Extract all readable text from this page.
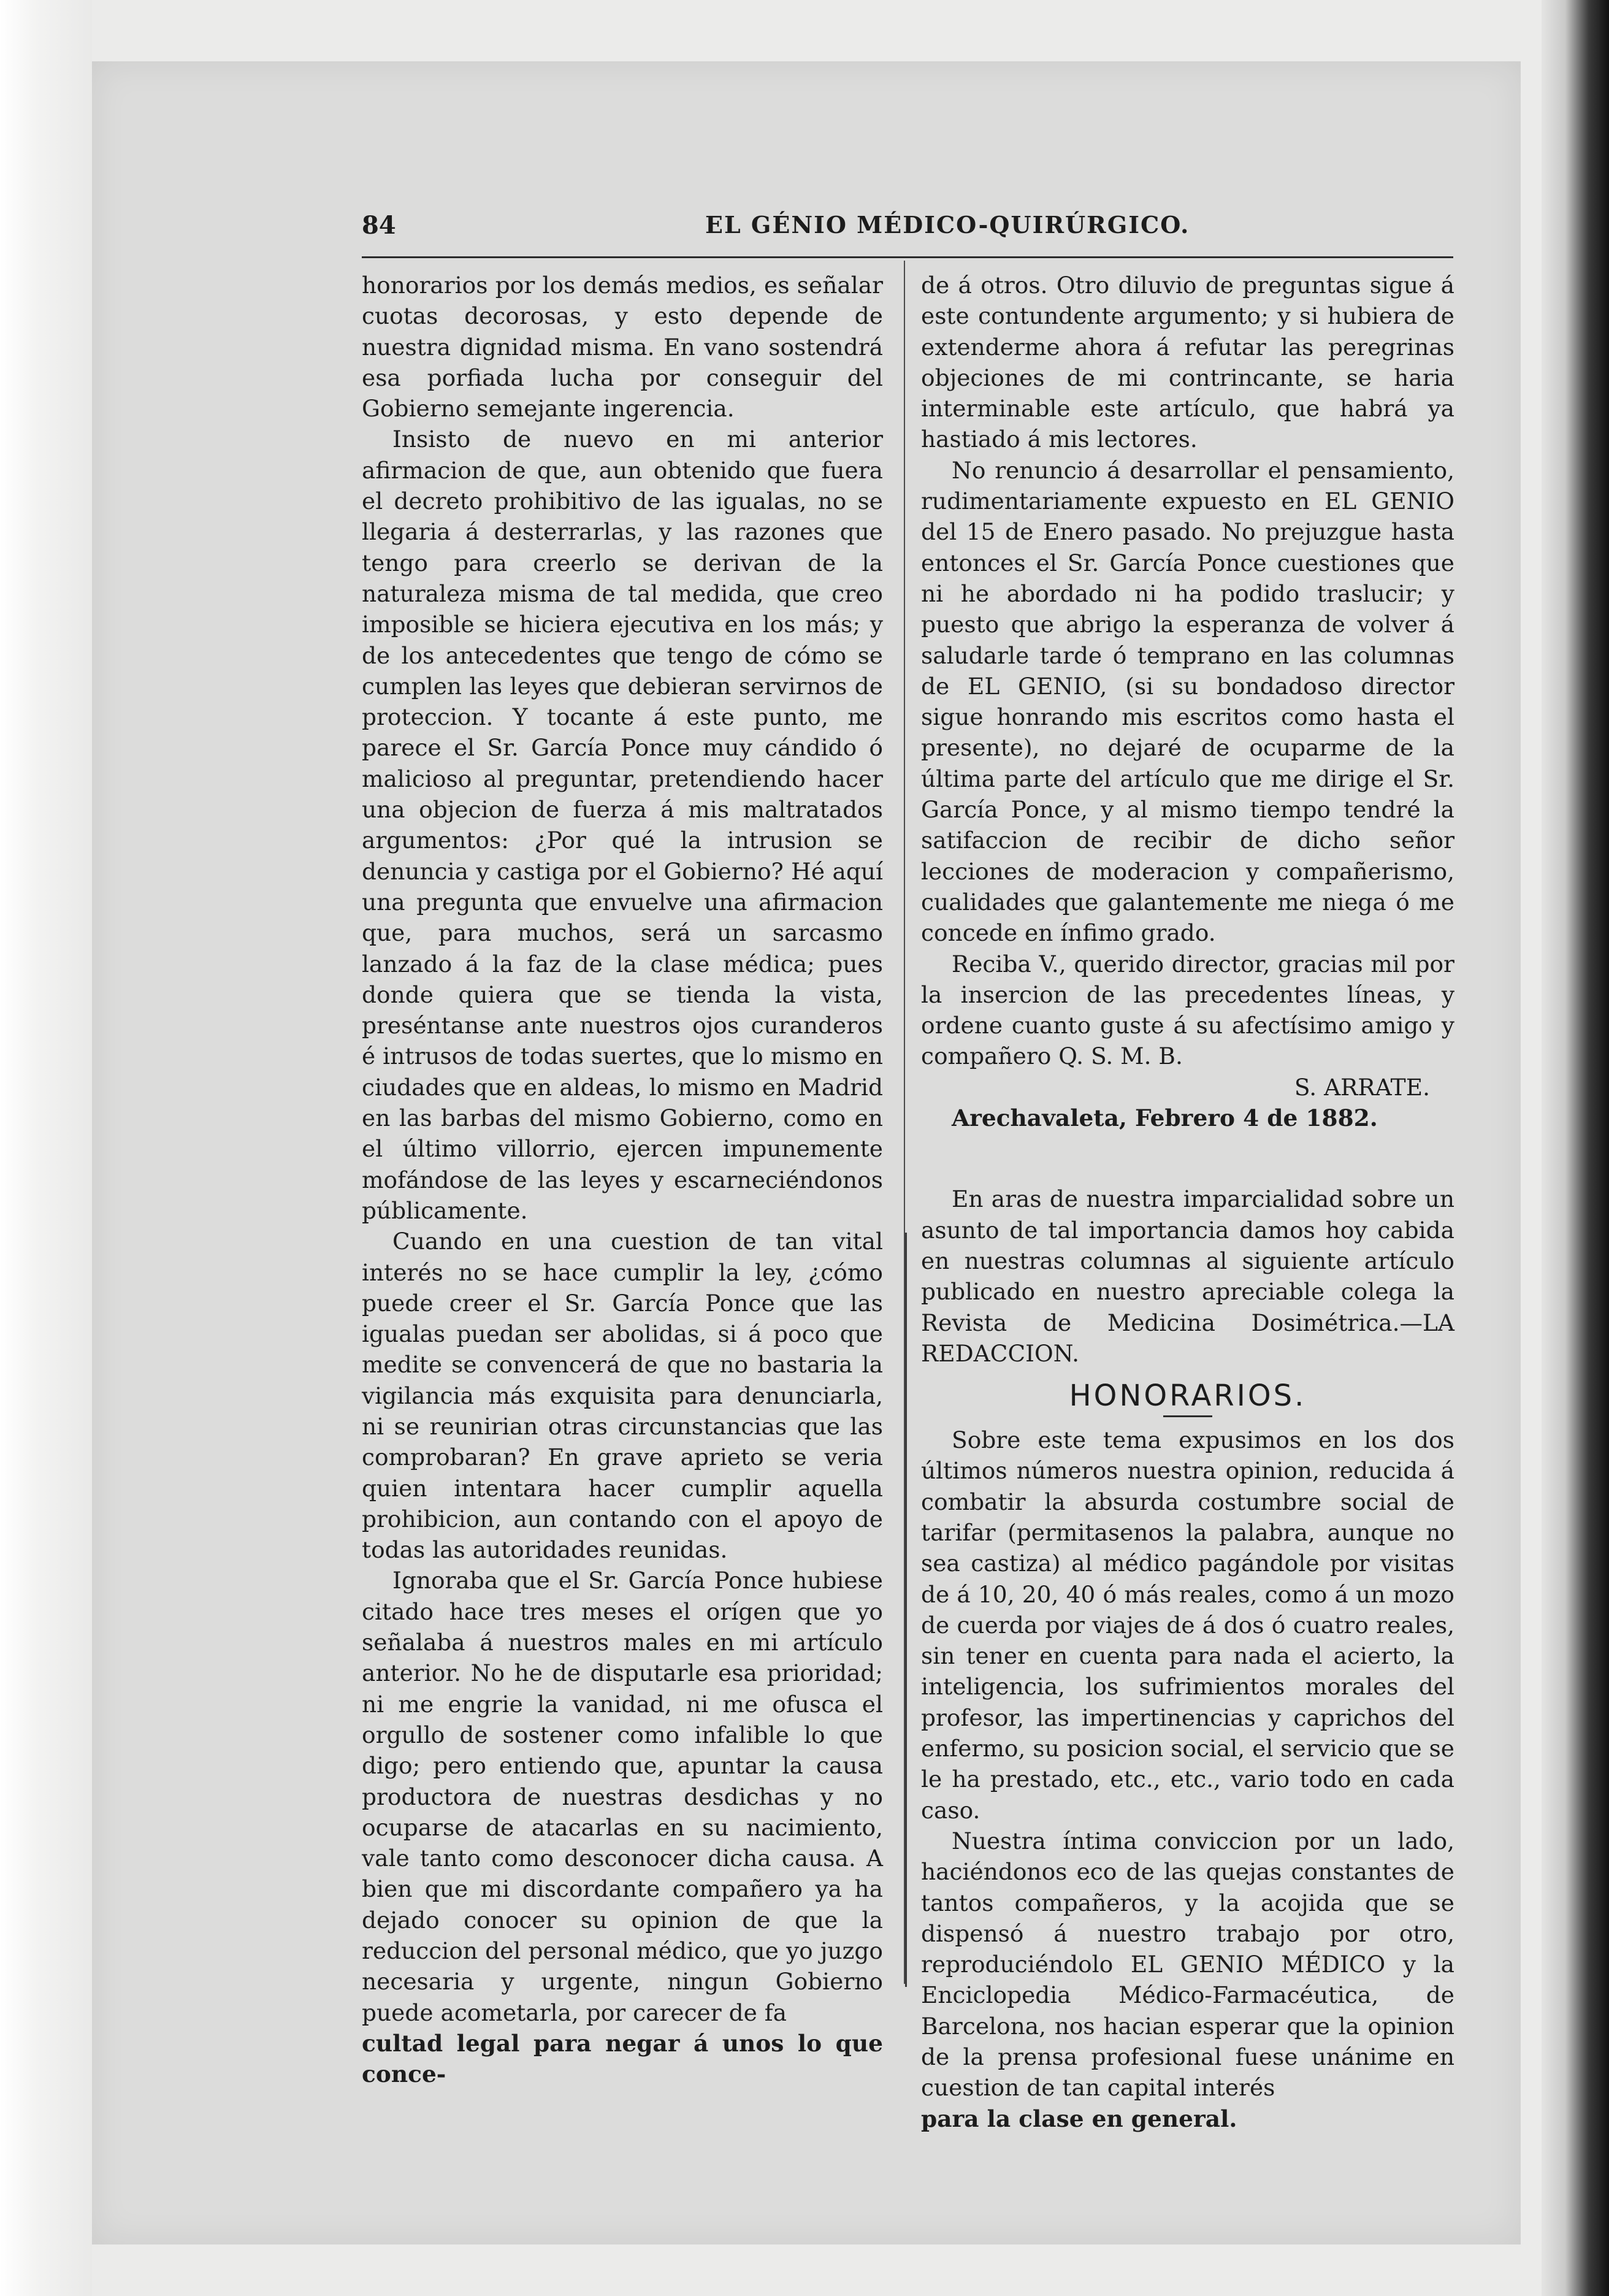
84	EL GÉNIO MÉDICO-QUIRÚRGICO.

honorarios por los demás medios, es señalar cuotas decorosas, y esto depende de nuestra dignidad misma. En vano sostendrá esa porfiada lucha por conseguir del Gobierno semejante ingerencia.

Insisto de nuevo en mi anterior afirmacion de que, aun obtenido que fuera el decreto prohibitivo de las igualas, no se llegaria á desterrarlas, y las razones que tengo para creerlo se derivan de la naturaleza misma de tal medida, que creo imposible se hiciera ejecutiva en los más; y de los antecedentes que tengo de cómo se cumplen las leyes que debieran servirnos de proteccion. Y tocante á este punto, me parece el Sr. García Ponce muy cándido ó malicioso al preguntar, pretendiendo hacer una objecion de fuerza á mis maltratados argumentos: ¿Por qué la intrusion se denuncia y castiga por el Gobierno? Hé aquí una pregunta que envuelve una afirmacion que, para muchos, será un sarcasmo lanzado á la faz de la clase médica; pues donde quiera que se tienda la vista, preséntanse ante nuestros ojos curanderos é intrusos de todas suertes, que lo mismo en ciudades que en aldeas, lo mismo en Madrid en las barbas del mismo Gobierno, como en el último villorrio, ejercen impunemente mofándose de las leyes y escarneciéndonos públicamente.

Cuando en una cuestion de tan vital interés no se hace cumplir la ley, ¿cómo puede creer el Sr. García Ponce que las igualas puedan ser abolidas, si á poco que medite se convencerá de que no bastaria la vigilancia más exquisita para denunciarla, ni se reunirian otras circunstancias que las comprobaran? En grave aprieto se veria quien intentara hacer cumplir aquella prohibicion, aun contando con el apoyo de todas las autoridades reunidas.

Ignoraba que el Sr. García Ponce hubiese citado hace tres meses el orígen que yo señalaba á nuestros males en mi artículo anterior. No he de disputarle esa prioridad; ni me engrie la vanidad, ni me ofusca el orgullo de sostener como infalible lo que digo; pero entiendo que, apuntar la causa productora de nuestras desdichas y no ocuparse de atacarlas en su nacimiento, vale tanto como desconocer dicha causa. A bien que mi discordante compañero ya ha dejado conocer su opinion de que la reduccion del personal médico, que yo juzgo necesaria y urgente, ningun Gobierno puede acometarla, por carecer de fa

cultad legal para negar á unos lo que conce-

de á otros. Otro diluvio de preguntas sigue á este contundente argumento; y si hubiera de extenderme ahora á refutar las peregrinas objeciones de mi contrincante, se haria interminable este artículo, que habrá ya hastiado á mis lectores.

No renuncio á desarrollar el pensamiento, rudimentariamente expuesto en EL GENIO del 15 de Enero pasado. No prejuzgue hasta entonces el Sr. García Ponce cuestiones que ni he abordado ni ha podido traslucir; y puesto que abrigo la esperanza de volver á saludarle tarde ó temprano en las columnas de EL GENIO, (si su bondadoso director sigue honrando mis escritos como hasta el presente), no dejaré de ocuparme de la última parte del artículo que me dirige el Sr. García Ponce, y al mismo tiempo tendré la satifaccion de recibir de dicho señor lecciones de moderacion y compañerismo, cualidades que galantemente me niega ó me concede en ínfimo grado.

Reciba V., querido director, gracias mil por la insercion de las precedentes líneas, y ordene cuanto guste á su afectísimo amigo y compañero Q. S. M. B.

S. ARRATE.

Arechavaleta, Febrero 4 de 1882.

En aras de nuestra imparcialidad sobre un asunto de tal importancia damos hoy cabida en nuestras columnas al siguiente artículo publicado en nuestro apreciable colega la Revista de Medicina Dosimétrica.—LA REDACCION.

HONORARIOS.

Sobre este tema expusimos en los dos últimos números nuestra opinion, reducida á combatir la absurda costumbre social de tarifar (permitasenos la palabra, aunque no sea castiza) al médico pagándole por visitas de á 10, 20, 40 ó más reales, como á un mozo de cuerda por viajes de á dos ó cuatro reales, sin tener en cuenta para nada el acierto, la inteligencia, los sufrimientos morales del profesor, las impertinencias y caprichos del enfermo, su posicion social, el servicio que se le ha prestado, etc., etc., vario todo en cada caso.

Nuestra íntima conviccion por un lado, haciéndonos eco de las quejas constantes de tantos compañeros, y la acojida que se dispensó á nuestro trabajo por otro, reproduciéndolo EL GENIO MÉDICO y la Enciclopedia Médico-Farmacéutica, de Barcelona, nos hacian esperar que la opinion de la prensa profesional fuese unánime en cuestion de tan capital interés

para la clase en general.
